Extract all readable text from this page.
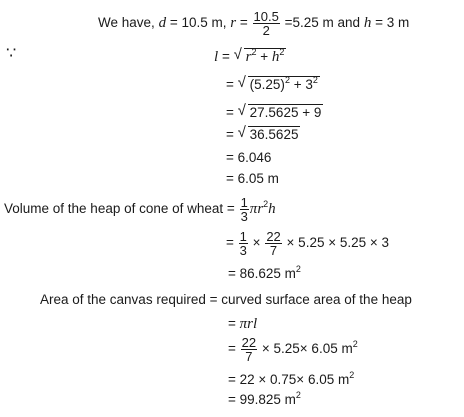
We have, d = 10.5 m, $r = \frac{10.5}{2} =5.25$ m and h = 3 m
∵	l = √ $r^2 + h^2$
= √ $(5.25)^2 + 3^2$
= √ 27.5625 + 9
= √ 36.5625
= 6.046
= 6.05 m
Volume of the heap of cone of wheat = $\frac{1}{3} \pi r^2h$
= $\frac{1}{3} \times \frac{22}{7} \times 5.25 \times 5.25 \times 3$
= 86.625 $m^2$
Area of the canvas required = curved surface area of the heap
= πrl
= $\frac{22}{7} \times 5.25\times 6.05$ $m^2$
= 22 × 0.75× 6.05 $m^2$
= 99.825 $m^2$
